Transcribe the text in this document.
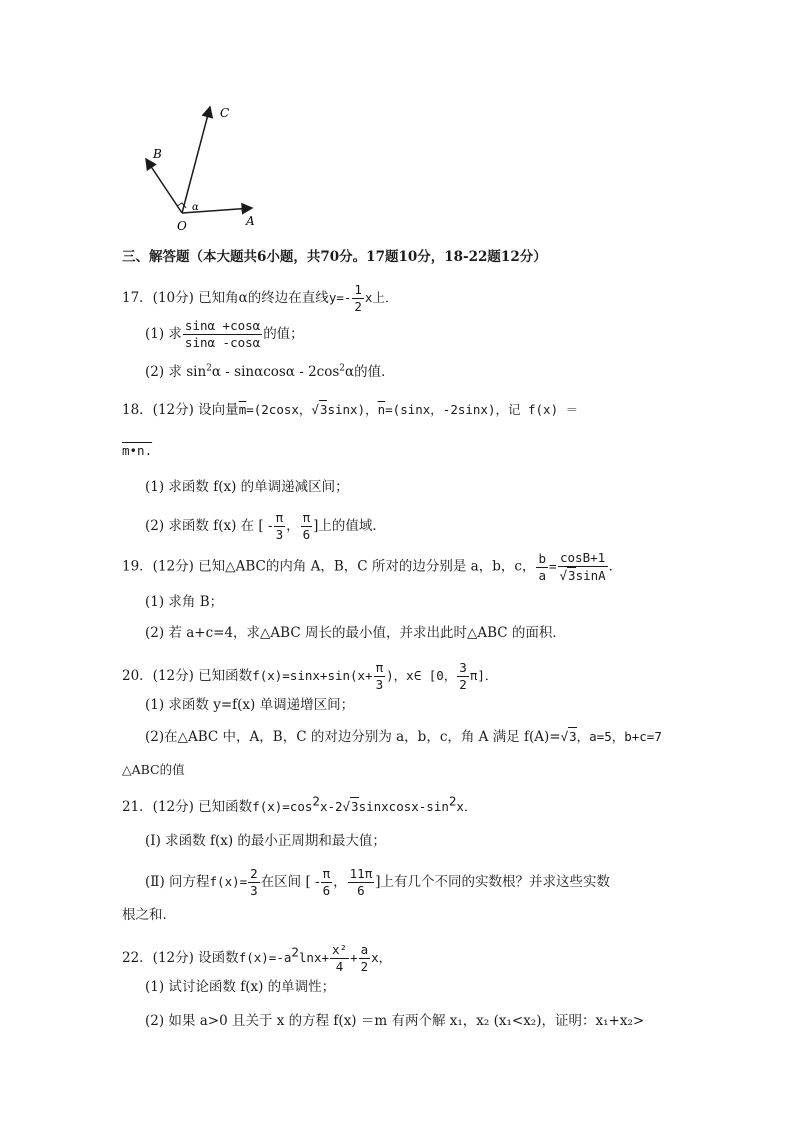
C
B
α
O	A
三、解答题（本大题共6小题，共70分。17题10分，18-22题12分）
17．(10分) 已知角α的终边在直线$y=- \frac{1}{2}$ x上．
(1) 求 $\frac{\sin\alpha +\cos\alpha}{\sin\alpha -\cos\alpha}$ 的值；
(2) 求 $\sin^2\alpha$ - sinαcosα - $2\cos^2\alpha$的值．
18．(12分) 设向量$\overline{m}=(2\cos x$，√3sinx)，$\overline{n}=(\sin x$，-2sinx)，记 f(x) ＝
m•n.
(1) 求函数 f(x) 的单调递减区间；
(2) 求函数 f(x) 在 [ - $\frac{\pi}{3}$ ， $\frac{\pi}{6}$ ]上的值域．
19．(12分) 已知△ABC的内角 A，B，C 所对的边分别是 a，b，c， $\frac{b}{a} = \frac{\cos B+1}{√3\sin A}$ ．
(1) 求角 B；
(2) 若 a+c=4，求△ABC 周长的最小值，并求出此时△ABC 的面积．
20．(12分) 已知函数$f(x)=\sin x+\sin(x+ \frac{\pi}{3}$ )，x∈ [0， $\frac{3}{2} \pi$]．
(1) 求函数 y=f(x) 单调递增区间；
(2)在△ABC 中，A，B，C 的对边分别为 a，b，c，角 A 满足 f(A)=√3，a=5，b+c=7
△ABC的值
21．(12分) 已知函数$f(x)=\cos^2x-2√3sinxcosx-\sin^2x$．
(Ⅰ) 求函数 f(x) 的最小正周期和最大值；
(Ⅱ) 问方程$f(x)= \frac{2}{3}$ 在区间 [ - $\frac{\pi}{6}$ ， $\frac{11\pi}{6}$ ]上有几个不同的实数根？并求这些实数
根之和．
22．(12分) 设函数$f(x)=-a^2\ln x+ \frac{\text{x²}}{4} + \frac{a}{2}$ x，
(1) 试讨论函数 f(x) 的单调性；
(2) 如果 a>0 且关于 x 的方程 f(x) ＝m 有两个解 x₁，x₂ (x₁<x₂)，证明：x₁+x₂>
